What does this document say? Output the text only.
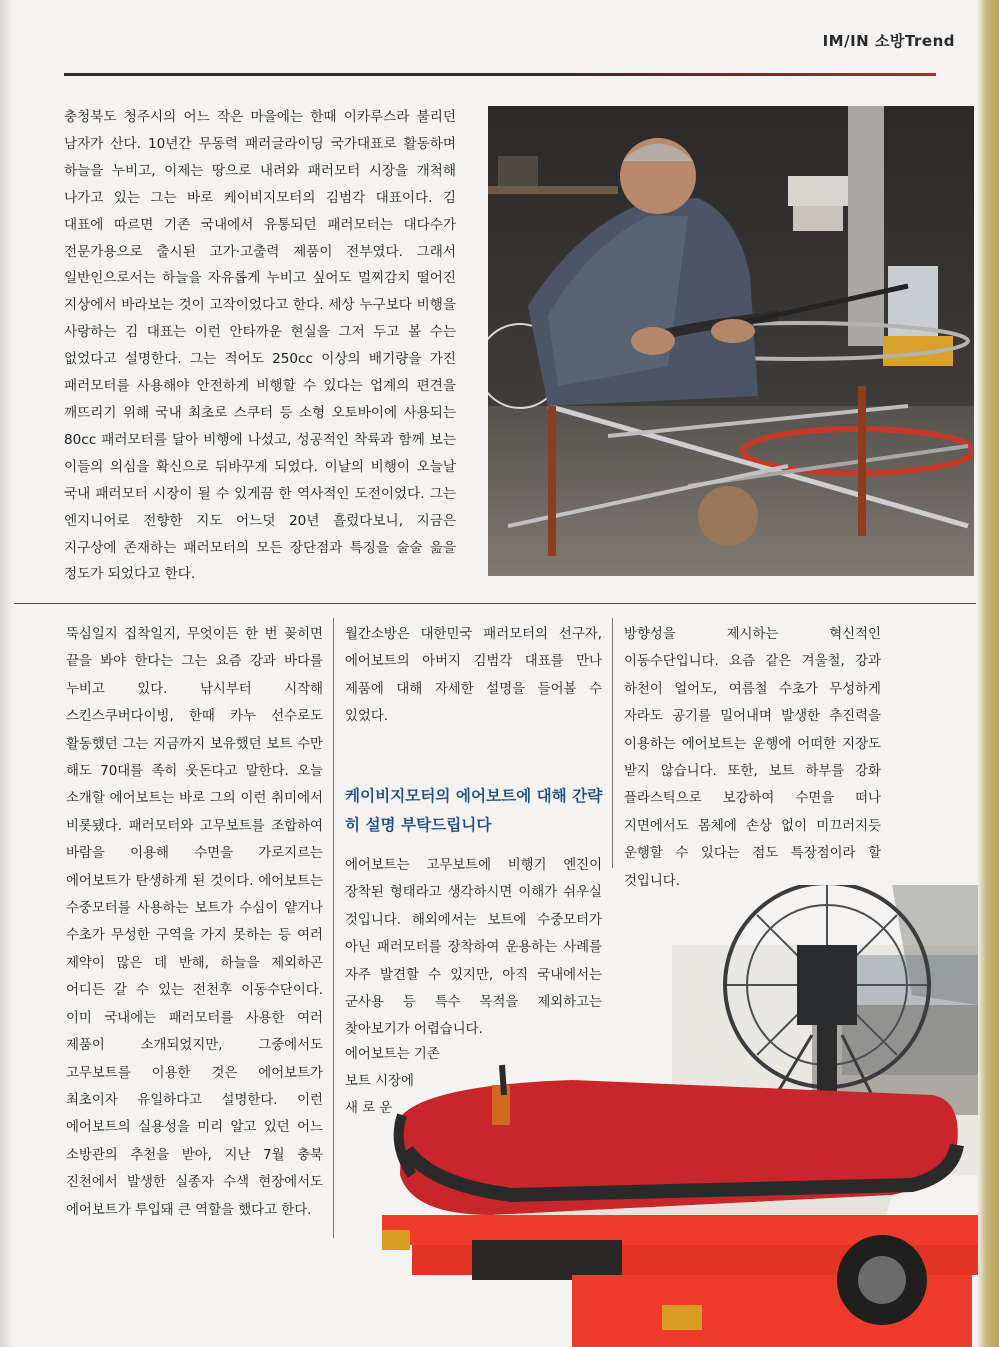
IM/IN 소방Trend
충청북도 청주시의 어느 작은 마을에는 한때 이카루스라 불리던 남자가 산다. 10년간 무동력 패러글라이딩 국가대표로 활동하며 하늘을 누비고, 이제는 땅으로 내려와 패러모터 시장을 개척해 나가고 있는 그는 바로 케이비지모터의 김범각 대표이다. 김 대표에 따르면 기존 국내에서 유통되던 패러모터는 대다수가 전문가용으로 출시된 고가·고출력 제품이 전부였다. 그래서 일반인으로서는 하늘을 자유롭게 누비고 싶어도 멀찌감치 떨어진 지상에서 바라보는 것이 고작이었다고 한다. 세상 누구보다 비행을 사랑하는 김 대표는 이런 안타까운 현실을 그저 두고 볼 수는 없었다고 설명한다. 그는 적어도 250cc 이상의 배기량을 가진 패러모터를 사용해야 안전하게 비행할 수 있다는 업계의 편견을 깨뜨리기 위해 국내 최초로 스쿠터 등 소형 오토바이에 사용되는 80cc 패러모터를 달아 비행에 나섰고, 성공적인 착륙과 함께 보는 이들의 의심을 확신으로 뒤바꾸게 되었다. 이날의 비행이 오늘날 국내 패러모터 시장이 될 수 있게끔 한 역사적인 도전이었다. 그는 엔지니어로 전향한 지도 어느덧 20년 흘렀다보니, 지금은 지구상에 존재하는 패러모터의 모든 장단점과 특징을 술술 읊을 정도가 되었다고 한다.
뚝심일지 집착일지, 무엇이든 한 번 꽂히면 끝을 봐야 한다는 그는 요즘 강과 바다를 누비고 있다. 낚시부터 시작해 스킨스쿠버다이빙, 한때 카누 선수로도 활동했던 그는 지금까지 보유했던 보트 수만 해도 70대를 족히 웃돈다고 말한다. 오늘 소개할 에어보트는 바로 그의 이런 취미에서 비롯됐다. 패러모터와 고무보트를 조합하여 바람을 이용해 수면을 가로지르는 에어보트가 탄생하게 된 것이다. 에어보트는 수중모터를 사용하는 보트가 수심이 얕거나 수초가 무성한 구역을 가지 못하는 등 여러 제약이 많은 데 반해, 하늘을 제외하곤 어디든 갈 수 있는 전천후 이동수단이다. 이미 국내에는 패러모터를 사용한 여러 제품이 소개되었지만, 그중에서도 고무보트를 이용한 것은 에어보트가 최초이자 유일하다고 설명한다. 이런 에어보트의 실용성을 미리 알고 있던 어느 소방관의 추천을 받아, 지난 7월 충북 진천에서 발생한 실종자 수색 현장에서도 에어보트가 투입돼 큰 역할을 했다고 한다.
월간소방은 대한민국 패러모터의 선구자, 에어보트의 아버지 김범각 대표를 만나 제품에 대해 자세한 설명을 들어볼 수 있었다.
케이비지모터의 에어보트에 대해 간략히 설명 부탁드립니다
에어보트는 고무보트에 비행기 엔진이 장착된 형태라고 생각하시면 이해가 쉬우실 것입니다. 해외에서는 보트에 수중모터가 아닌 패러모터를 장착하여 운용하는 사례를 자주 발견할 수 있지만, 아직 국내에서는 군사용 등 특수 목적을 제외하고는 찾아보기가 어렵습니다.
에어보트는 기존
보트 시장에
새 로 운
방향성을 제시하는 혁신적인 이동수단입니다. 요즘 같은 겨울철, 강과 하천이 얼어도, 여름철 수초가 무성하게 자라도 공기를 밀어내며 발생한 추진력을 이용하는 에어보트는 운행에 어떠한 지장도 받지 않습니다. 또한, 보트 하부를 강화 플라스틱으로 보강하여 수면을 떠나 지면에서도 몸체에 손상 없이 미끄러지듯 운행할 수 있다는 점도 특장점이라 할 것입니다.
